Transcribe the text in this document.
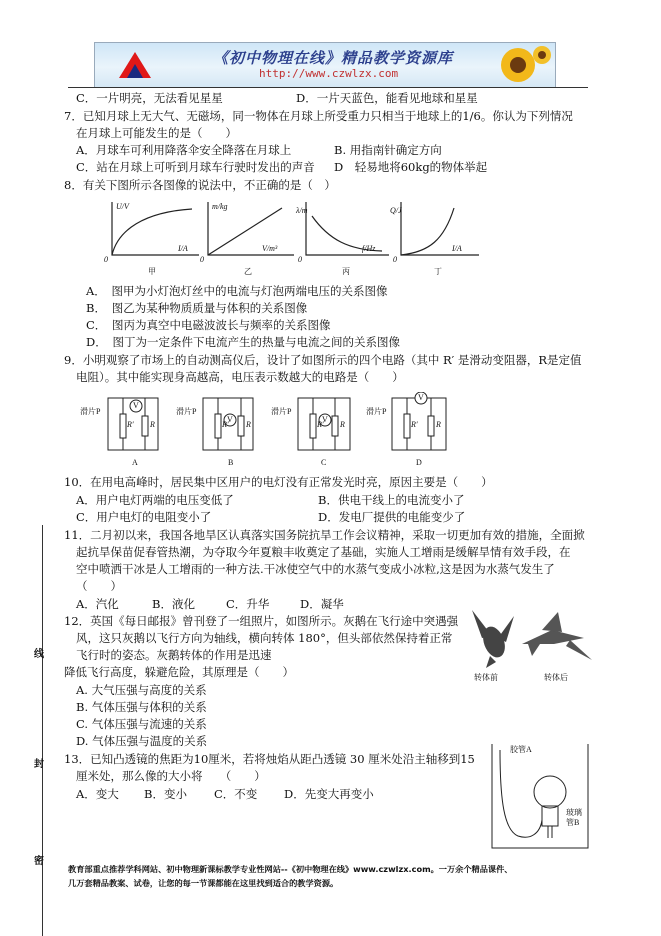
《初中物理在线》精品教学资源库
http://www.czwlzx.com
C．一片明亮，无法看见星星	D．一片天蓝色，能看见地球和星星
7．已知月球上无大气、无磁场，同一物体在月球上所受重力只相当于地球上的1/6。你认为下列情况
在月球上可能发生的是（　　）
A．月球车可利用降落伞安全降落在月球上	B. 用指南针确定方向
C．站在月球上可听到月球车行驶时发出的声音 D　轻易地将60kg的物体举起
8．有关下图所示各图像的说法中，不正确的是（　）
U/V
I/A
m/kg
V/m³
λ/m
f/Hz
Q/J
I/A
0	0	0	0
甲	乙	丙	丁
A．　图甲为小灯泡灯丝中的电流与灯泡两端电压的关系图像
B．　图乙为某种物质质量与体积的关系图像
C．　图丙为真空中电磁波波长与频率的关系图像
D．　图丁为一定条件下电流产生的热量与电流之间的关系图像
9．小明观察了市场上的自动测高仪后，设计了如图所示的四个电路（其中 R′ 是滑动变阻器，R是定值
电阻）。其中能实现身高越高，电压表示数越大的电路是（　　）
滑片P	滑片P	滑片P	滑片P
V
V	V
V
R′ R	R′ R	R′ R	R′ R
A	B	C	D
10．在用电高峰时，居民集中区用户的电灯没有正常发光时亮，原因主要是（　　）
A．用户电灯两端的电压变低了	B．供电干线上的电流变小了
C．用户电灯的电阻变小了	D．发电厂提供的电能变少了
11．二月初以来，我国各地旱区认真落实国务院抗旱工作会议精神，采取一切更加有效的措施，全面掀
起抗旱保苗促春管热潮，为夺取今年夏粮丰收奠定了基础，实施人工增雨是缓解旱情有效手段，在
空中喷洒干冰是人工增雨的一种方法.干冰使空气中的水蒸气变成小冰粒,这是因为水蒸气发生了
（　　）
A．汽化	B．液化	C．升华	D．凝华
12．英国《每日邮报》曾刊登了一组照片，如图所示。灰鹅在飞行途中突遇强
风，这只灰鹅以飞行方向为轴线，横向转体 180°，但头部依然保持着正常
飞行时的姿态。灰鹅转体的作用是迅速
降低飞行高度，躲避危险，其原理是（　　）
A. 大气压强与高度的关系
B. 气体压强与体积的关系
C. 气体压强与流速的关系
D. 气体压强与温度的关系
转体前	转体后
13．已知凸透镜的焦距为10厘米，若将烛焰从距凸透镜 30 厘米处沿主轴移到15
厘米处，那么像的大小将　　（　　）
A．变大 B．变小 C．不变 D．先变大再变小
胶管A
玻璃管B
线
封
密
教育部重点推荐学科网站、初中物理新课标教学专业性网站--《初中物理在线》www.czwlzx.com。一万余个精品课件、
几万套精品教案、试卷，让您的每一节课都能在这里找到适合的教学资源。
